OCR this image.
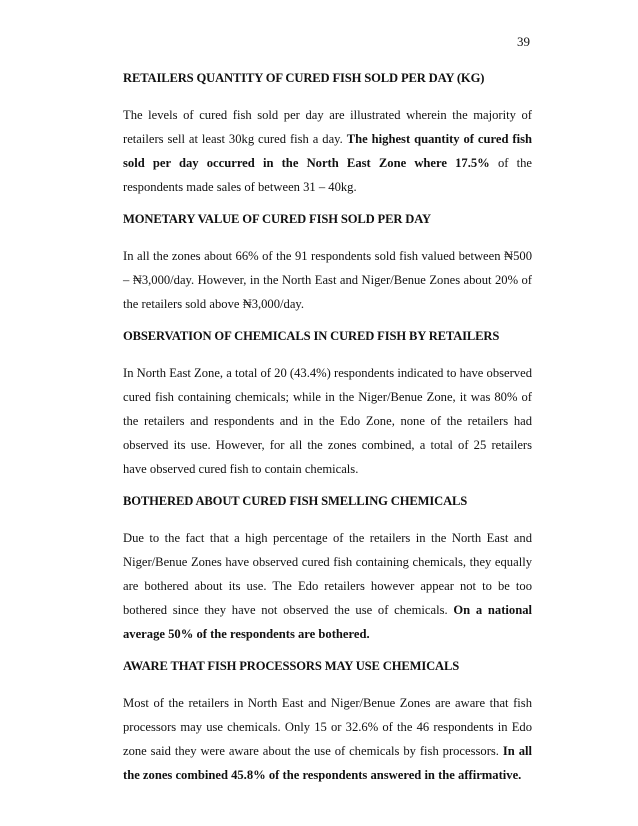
39
RETAILERS QUANTITY OF CURED FISH SOLD PER DAY (KG)

The levels of cured fish sold per day are illustrated wherein the majority of retailers sell at least 30kg cured fish a day. The highest quantity of cured fish sold per day occurred in the North East Zone where 17.5% of the respondents made sales of between 31 – 40kg.

MONETARY VALUE OF CURED FISH SOLD PER DAY

In all the zones about 66% of the 91 respondents sold fish valued between ₦500 – ₦3,000/day. However, in the North East and Niger/Benue Zones about 20% of the retailers sold above ₦3,000/day.

OBSERVATION OF CHEMICALS IN CURED FISH BY RETAILERS

In North East Zone, a total of 20 (43.4%) respondents indicated to have observed cured fish containing chemicals; while in the Niger/Benue Zone, it was 80% of the retailers and respondents and in the Edo Zone, none of the retailers had observed its use. However, for all the zones combined, a total of 25 retailers have observed cured fish to contain chemicals.

BOTHERED ABOUT CURED FISH SMELLING CHEMICALS

Due to the fact that a high percentage of the retailers in the North East and Niger/Benue Zones have observed cured fish containing chemicals, they equally are bothered about its use. The Edo retailers however appear not to be too bothered since they have not observed the use of chemicals. On a national average 50% of the respondents are bothered.

AWARE THAT FISH PROCESSORS MAY USE CHEMICALS

Most of the retailers in North East and Niger/Benue Zones are aware that fish processors may use chemicals. Only 15 or 32.6% of the 46 respondents in Edo zone said they were aware about the use of chemicals by fish processors. In all the zones combined 45.8% of the respondents answered in the affirmative.
